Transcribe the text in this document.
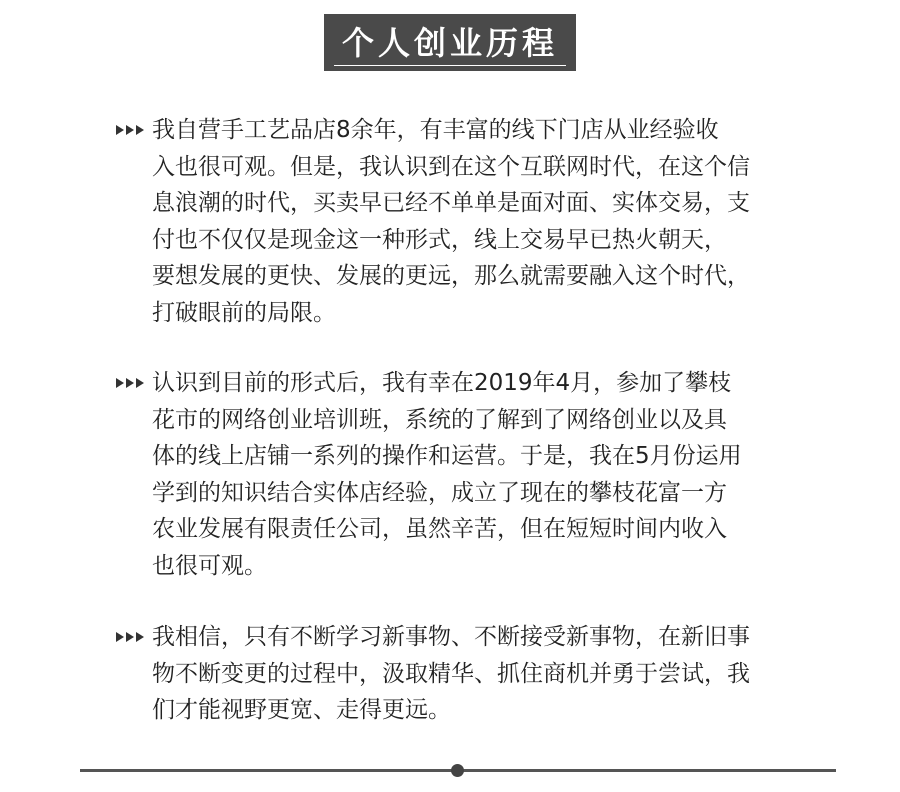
个人创业历程
我自营手工艺品店8余年，有丰富的线下门店从业经验收
入也很可观。但是，我认识到在这个互联网时代，在这个信
息浪潮的时代，买卖早已经不单单是面对面、实体交易，支
付也不仅仅是现金这一种形式，线上交易早已热火朝天，
要想发展的更快、发展的更远，那么就需要融入这个时代，
打破眼前的局限。
认识到目前的形式后，我有幸在2019年4月，参加了攀枝
花市的网络创业培训班，系统的了解到了网络创业以及具
体的线上店铺一系列的操作和运营。于是，我在5月份运用
学到的知识结合实体店经验，成立了现在的攀枝花富一方
农业发展有限责任公司，虽然辛苦，但在短短时间内收入
也很可观。
我相信，只有不断学习新事物、不断接受新事物，在新旧事
物不断变更的过程中，汲取精华、抓住商机并勇于尝试，我
们才能视野更宽、走得更远。
